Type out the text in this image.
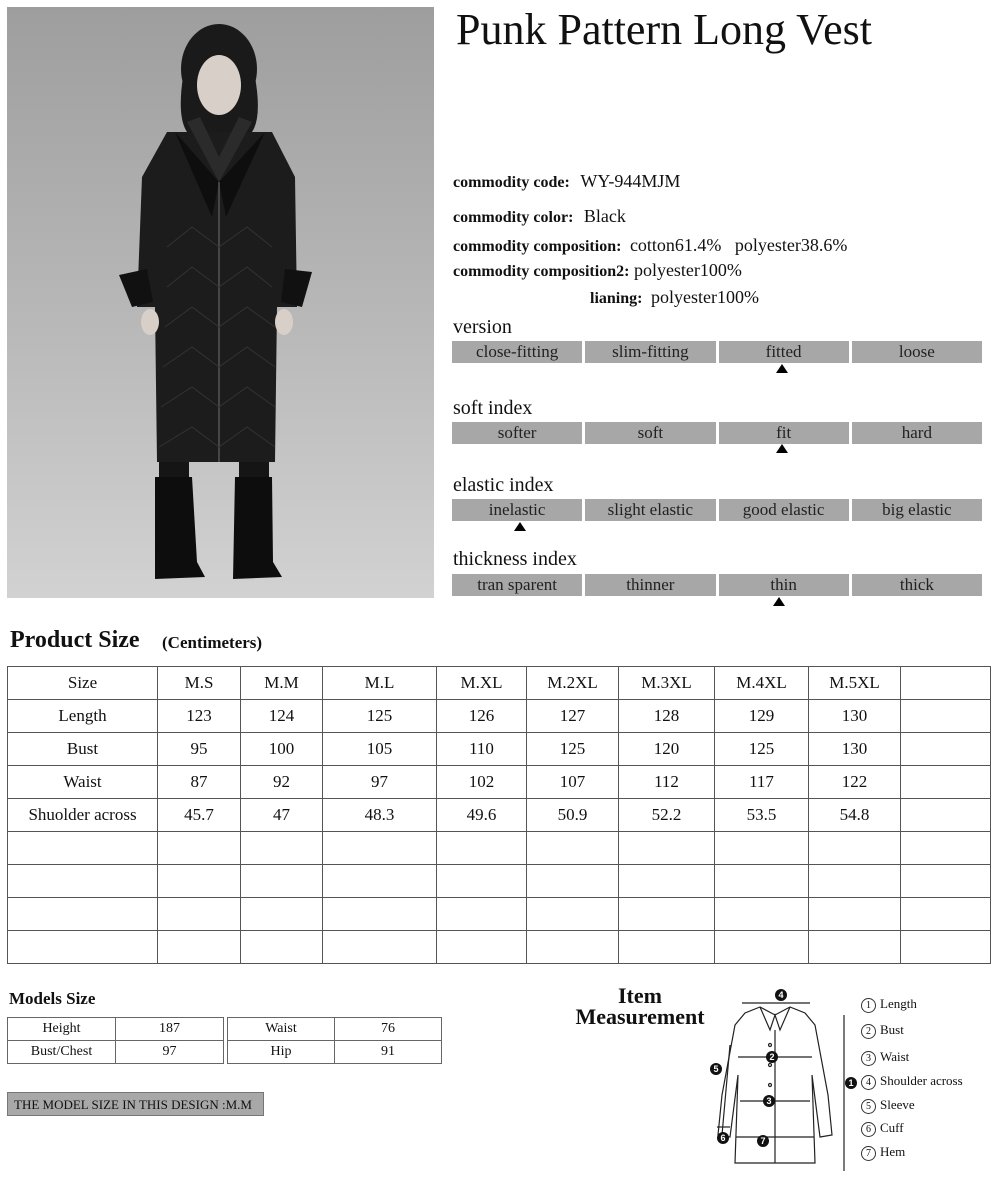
Punk Pattern Long Vest
commodity code: WY-944MJM
commodity color: Black
commodity composition: cotton61.4%   polyester38.6%
commodity composition2: polyester100%
lianing: polyester100%
version
close-fitting	slim-fitting	fitted	loose
soft index
softer	soft	fit	hard
elastic index
inelastic	slight elastic	good elastic	big elastic
thickness index
tran sparent	thinner	thin	thick
Product Size (Centimeters)
Size	M.S	M.M	M.L	M.XL	M.2XL	M.3XL	M.4XL	M.5XL	
Length	123	124	125	126	127	128	129	130	
Bust	95	100	105	110	125	120	125	130	
Waist	87	92	97	102	107	112	117	122	
Shuolder across	45.7	47	48.3	49.6	50.9	52.2	53.5	54.8	

Models Size
Height	187
Bust/Chest	97
Waist	76
Hip	91
THE MODEL SIZE IN THIS DESIGN :M.M
Item
Measurement
4
2
3
7
1
5
6
1 Length
2 Bust
3 Waist
4 Shoulder across
5 Sleeve
6 Cuff
7 Hem
